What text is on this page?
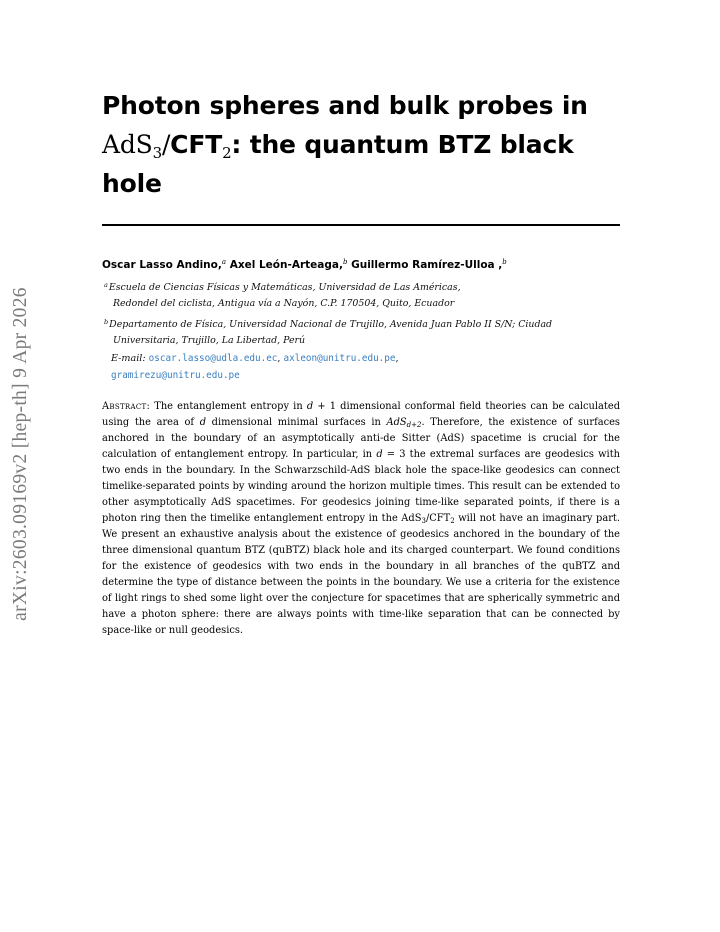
arXiv:2603.09169v2 [hep-th] 9 Apr 2026
Photon spheres and bulk probes in
$AdS_3/CFT_2$: the quantum BTZ black hole
Oscar Lasso Andino,$^a$ Axel León-Arteaga,$^b$ Guillermo Ramírez-Ulloa ,$^b$
$^a$Escuela de Ciencias Físicas y Matemáticas, Universidad de Las Américas,
Redondel del ciclista, Antigua vía a Nayón, C.P. 170504, Quito, Ecuador
$^b$Departamento de Física, Universidad Nacional de Trujillo, Avenida Juan Pablo II S/N; Ciudad
Universitaria, Trujillo, La Libertad, Perú
E-mail: oscar.lasso@udla.edu.ec, axleon@unitru.edu.pe,
gramirezu@unitru.edu.pe
Abstract: The entanglement entropy in d + 1 dimensional conformal field theories can be calculated using the area of d dimensional minimal surfaces in AdS$_{d+2}$. Therefore, the existence of surfaces anchored in the boundary of an asymptotically anti-de Sitter (AdS) spacetime is crucial for the calculation of entanglement entropy. In particular, in d = 3 the extremal surfaces are geodesics with two ends in the boundary. In the Schwarzschild-AdS black hole the space-like geodesics can connect timelike-separated points by winding around the horizon multiple times. This result can be extended to other asymptotically AdS spacetimes. For geodesics joining time-like separated points, if there is a photon ring then the timelike entanglement entropy in the $AdS_3/CFT_2$ will not have an imaginary part. We present an exhaustive analysis about the existence of geodesics anchored in the boundary of the three dimensional quantum BTZ (quBTZ) black hole and its charged counterpart. We found conditions for the existence of geodesics with two ends in the boundary in all branches of the quBTZ and determine the type of distance between the points in the boundary. We use a criteria for the existence of light rings to shed some light over the conjecture for spacetimes that are spherically symmetric and have a photon sphere: there are always points with time-like separation that can be connected by space-like or null geodesics.
